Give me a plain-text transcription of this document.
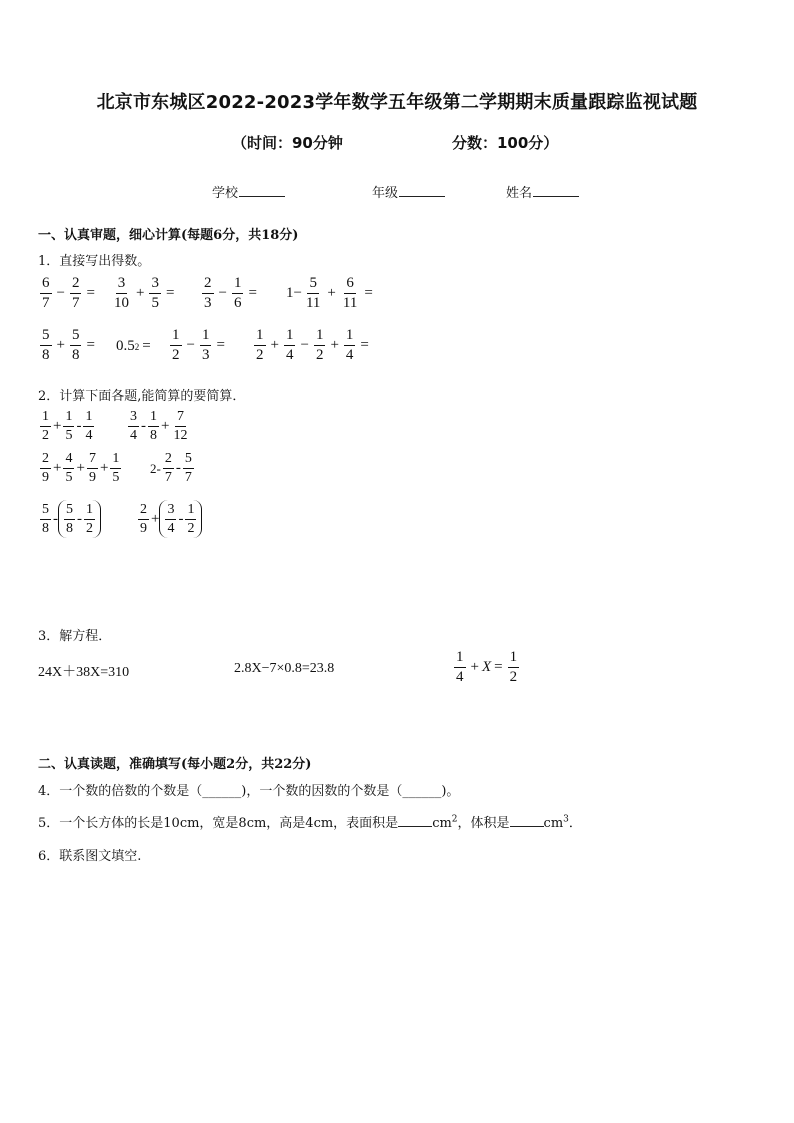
北京市东城区2022-2023学年数学五年级第二学期期末质量跟踪监视试题
（时间：90分钟	分数：100分）
学校	年级	姓名
一、认真审题，细心计算(每题6分，共18分)
1．直接写出得数。
$\frac{6}{7} - \frac{2}{7} = \frac{3}{10} + \frac{3}{5} = \frac{2}{3} - \frac{1}{6} = 1- \frac{5}{11} + \frac{6}{11}$ =
$\frac{5}{8} + \frac{5}{8} = 0.5$ $2 = \frac{1}{2} - \frac{1}{3} = \frac{1}{2} + \frac{1}{4} - \frac{1}{2} + \frac{1}{4}$ =
2．计算下面各题,能简算的要简算．
$\frac{1}{2} + \frac{1}{5} - \frac{1}{4} \frac{3}{4} - \frac{1}{8} + \frac{7}{12}$
$\frac{2}{9} + \frac{4}{5} + \frac{7}{9} + \frac{1}{5} 2- \frac{2}{7} - \frac{5}{7}$
$\frac{5}{8} - \frac{5}{8} - \frac{1}{2}$	$\frac{2}{9} + \frac{3}{4} - \frac{1}{2}$
3．解方程．
24X＋38X=310	2.8X−7×0.8=23.8	$\frac{1}{4} + X = \frac{1}{2}$
二、认真读题，准确填写(每小题2分，共22分)
4．一个数的倍数的个数是（______)，一个数的因数的个数是（______)。
5．一个长方体的长是10cm，宽是8cm，高是4cm，表面积是	$cm^2$，体积是	$cm^3$．
6．联系图文填空.
